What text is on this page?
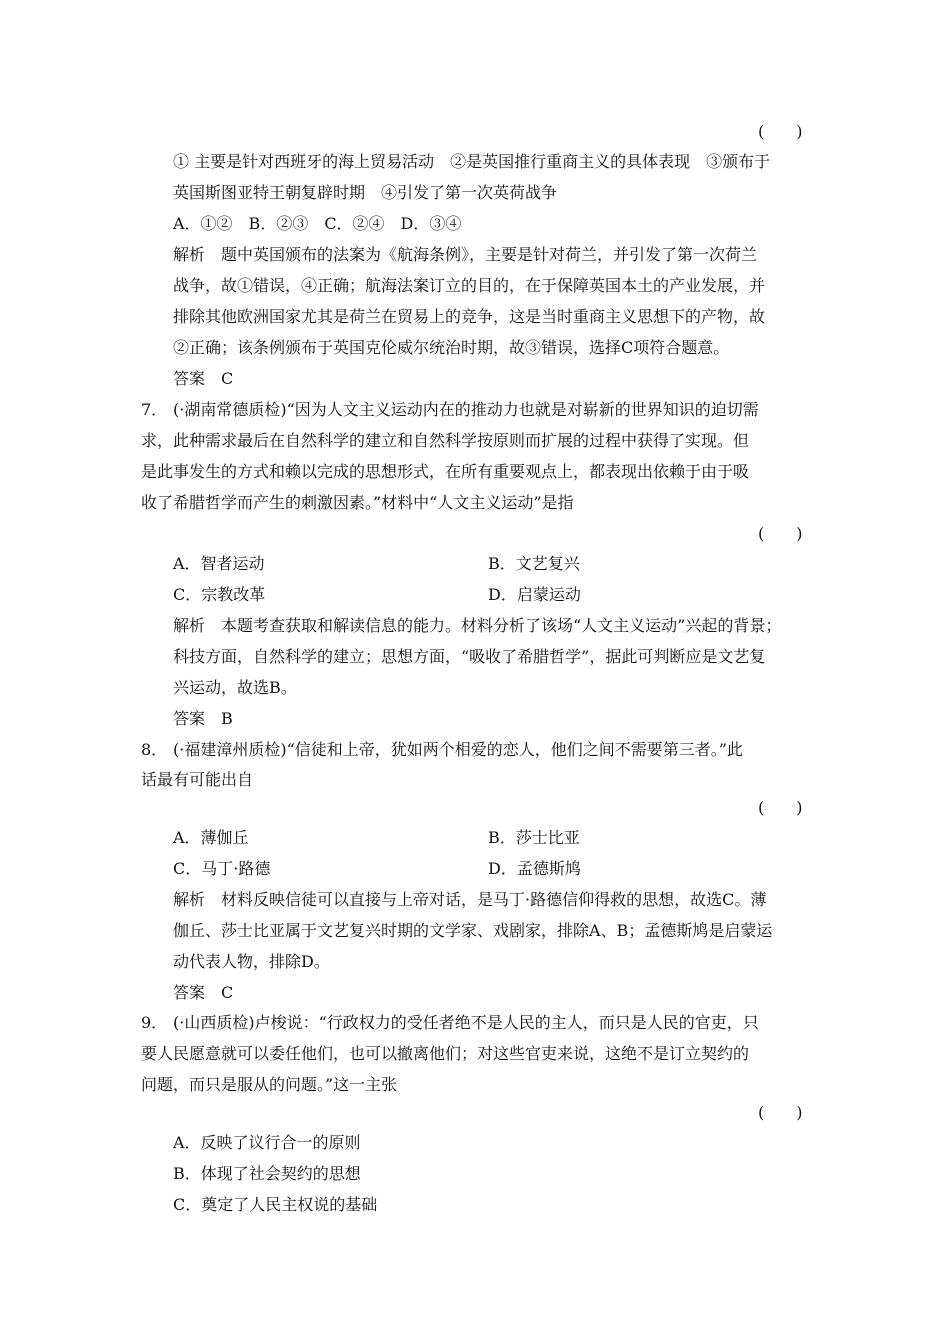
(　　)
① 主要是针对西班牙的海上贸易活动　②是英国推行重商主义的具体表现　③颁布于
英国斯图亚特王朝复辟时期　④引发了第一次英荷战争
A．①②　B．②③　C．②④　D．③④
解析　题中英国颁布的法案为《航海条例》，主要是针对荷兰，并引发了第一次荷兰
战争，故①错误，④正确；航海法案订立的目的，在于保障英国本土的产业发展，并
排除其他欧洲国家尤其是荷兰在贸易上的竞争，这是当时重商主义思想下的产物，故
②正确；该条例颁布于英国克伦威尔统治时期，故③错误，选择C项符合题意。
答案　C
7． (·湖南常德质检)“因为人文主义运动内在的推动力也就是对崭新的世界知识的迫切需
求，此种需求最后在自然科学的建立和自然科学按原则而扩展的过程中获得了实现。但
是此事发生的方式和赖以完成的思想形式，在所有重要观点上，都表现出依赖于由于吸
收了希腊哲学而产生的刺激因素。”材料中“人文主义运动”是指
(　　)
A．智者运动	B．文艺复兴
C．宗教改革	D．启蒙运动
解析　本题考查获取和解读信息的能力。材料分析了该场“人文主义运动”兴起的背景；
科技方面，自然科学的建立；思想方面，“吸收了希腊哲学”，据此可判断应是文艺复
兴运动，故选B。
答案　B
8． (·福建漳州质检)“信徒和上帝，犹如两个相爱的恋人，他们之间不需要第三者。”此
话最有可能出自
(　　)
A．薄伽丘	B．莎士比亚
C．马丁·路德	D．孟德斯鸠
解析　材料反映信徒可以直接与上帝对话，是马丁·路德信仰得救的思想，故选C。薄
伽丘、莎士比亚属于文艺复兴时期的文学家、戏剧家，排除A、B；孟德斯鸠是启蒙运
动代表人物，排除D。
答案　C
9． (·山西质检)卢梭说：“行政权力的受任者绝不是人民的主人，而只是人民的官吏，只
要人民愿意就可以委任他们，也可以撤离他们；对这些官吏来说，这绝不是订立契约的
问题，而只是服从的问题。”这一主张
(　　)
A．反映了议行合一的原则
B．体现了社会契约的思想
C．奠定了人民主权说的基础
